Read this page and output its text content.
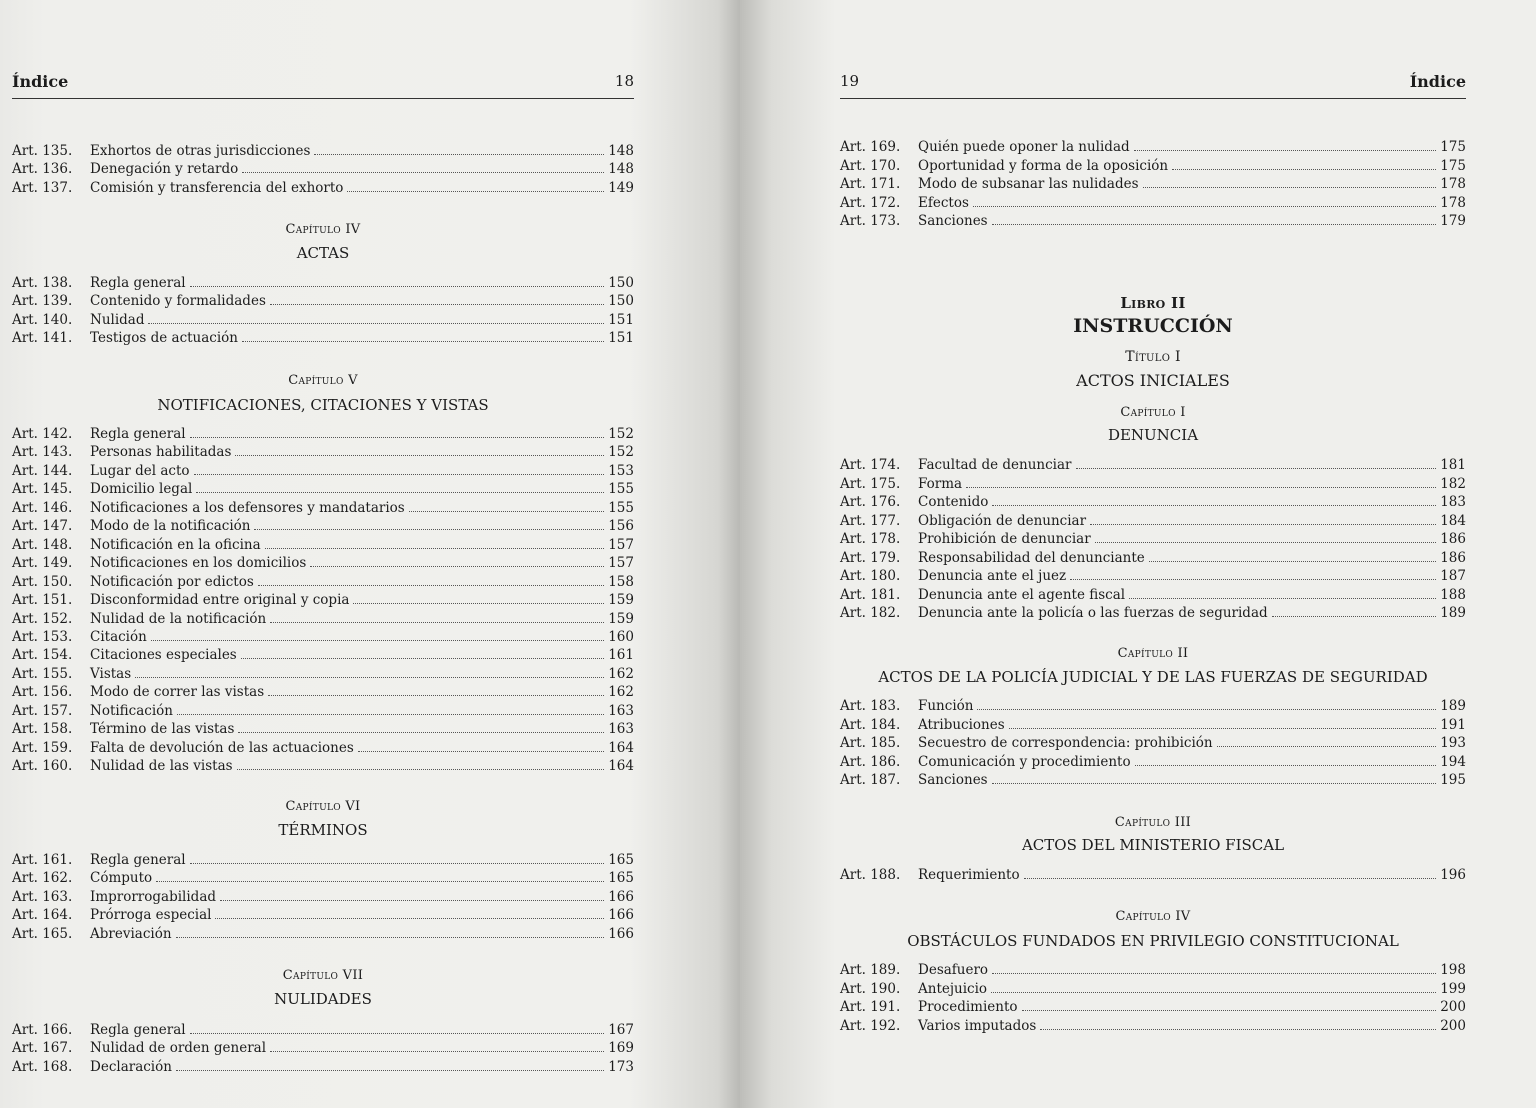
Índice	18
Art. 135.	Exhortos de otras jurisdicciones	148
Art. 136.	Denegación y retardo	148
Art. 137.	Comisión y transferencia del exhorto	149
Capítulo IV
ACTAS
Art. 138.	Regla general	150
Art. 139.	Contenido y formalidades	150
Art. 140.	Nulidad	151
Art. 141.	Testigos de actuación	151
Capítulo V
NOTIFICACIONES, CITACIONES Y VISTAS
Art. 142.	Regla general	152
Art. 143.	Personas habilitadas	152
Art. 144.	Lugar del acto	153
Art. 145.	Domicilio legal	155
Art. 146.	Notificaciones a los defensores y mandatarios	155
Art. 147.	Modo de la notificación	156
Art. 148.	Notificación en la oficina	157
Art. 149.	Notificaciones en los domicilios	157
Art. 150.	Notificación por edictos	158
Art. 151.	Disconformidad entre original y copia	159
Art. 152.	Nulidad de la notificación	159
Art. 153.	Citación	160
Art. 154.	Citaciones especiales	161
Art. 155.	Vistas	162
Art. 156.	Modo de correr las vistas	162
Art. 157.	Notificación	163
Art. 158.	Término de las vistas	163
Art. 159.	Falta de devolución de las actuaciones	164
Art. 160.	Nulidad de las vistas	164
Capítulo VI
TÉRMINOS
Art. 161.	Regla general	165
Art. 162.	Cómputo	165
Art. 163.	Improrrogabilidad	166
Art. 164.	Prórroga especial	166
Art. 165.	Abreviación	166
Capítulo VII
NULIDADES
Art. 166.	Regla general	167
Art. 167.	Nulidad de orden general	169
Art. 168.	Declaración	173
19	Índice
Art. 169.	Quién puede oponer la nulidad	175
Art. 170.	Oportunidad y forma de la oposición	175
Art. 171.	Modo de subsanar las nulidades	178
Art. 172.	Efectos	178
Art. 173.	Sanciones	179
Libro II
INSTRUCCIÓN
Título I
ACTOS INICIALES
Capítulo I
DENUNCIA
Art. 174.	Facultad de denunciar	181
Art. 175.	Forma	182
Art. 176.	Contenido	183
Art. 177.	Obligación de denunciar	184
Art. 178.	Prohibición de denunciar	186
Art. 179.	Responsabilidad del denunciante	186
Art. 180.	Denuncia ante el juez	187
Art. 181.	Denuncia ante el agente fiscal	188
Art. 182.	Denuncia ante la policía o las fuerzas de seguridad	189
Capítulo II
ACTOS DE LA POLICÍA JUDICIAL Y DE LAS FUERZAS DE SEGURIDAD
Art. 183.	Función	189
Art. 184.	Atribuciones	191
Art. 185.	Secuestro de correspondencia: prohibición	193
Art. 186.	Comunicación y procedimiento	194
Art. 187.	Sanciones	195
Capítulo III
ACTOS DEL MINISTERIO FISCAL
Art. 188.	Requerimiento	196
Capítulo IV
OBSTÁCULOS FUNDADOS EN PRIVILEGIO CONSTITUCIONAL
Art. 189.	Desafuero	198
Art. 190.	Antejuicio	199
Art. 191.	Procedimiento	200
Art. 192.	Varios imputados	200
